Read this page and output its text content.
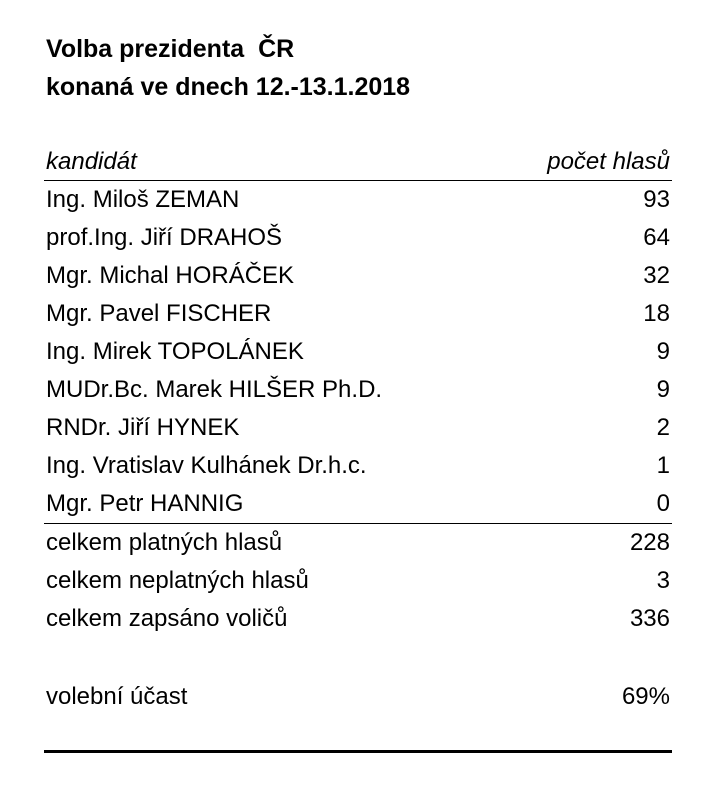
Volba prezidenta  ČR
konaná ve dnech 12.-13.1.2018
kandidát	počet hlasů
Ing. Miloš ZEMAN	93
prof.Ing. Jiří DRAHOŠ	64
Mgr. Michal HORÁČEK	32
Mgr. Pavel FISCHER	18
Ing. Mirek TOPOLÁNEK	9
MUDr.Bc. Marek HILŠER Ph.D.	9
RNDr. Jiří HYNEK	2
Ing. Vratislav Kulhánek Dr.h.c.	1
Mgr. Petr HANNIG	0
celkem platných hlasů	228
celkem neplatných hlasů	3
celkem zapsáno voličů	336
volební účast	69%
